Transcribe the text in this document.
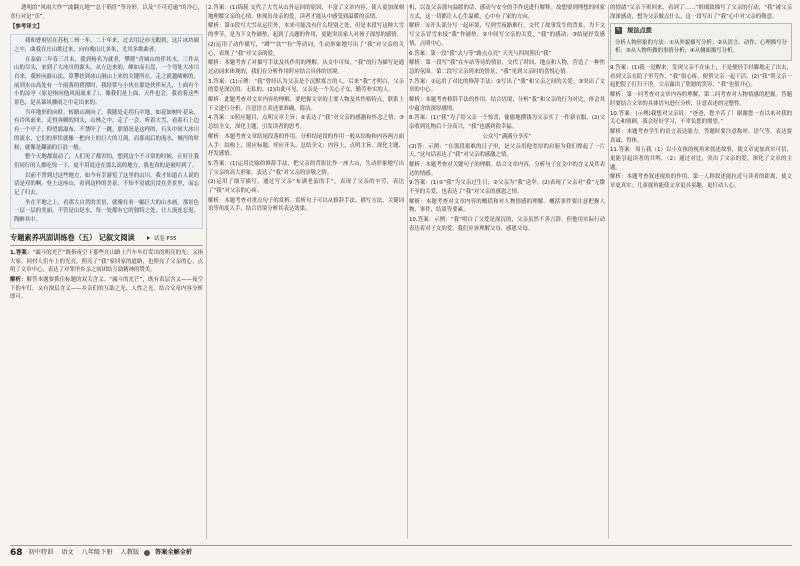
透明的“风雨大作”“波翻亢地”“总于筋肝”等诠形，以及“不可近逾”的冷心，喜行对是“乐”。

【参考译文】

我和曹府居在苏杭二州一年，二十年来，过去用泛亦无暇到，这片冰坊阔之中，曲我在庄山歌过来，向有晚山几多朱，尤其多歌曲者。

在泰始二年春三月末，我到杨名为就者，攀爬“青城山的伴其水，三件从山的尽头，来到了大冰川的源头。从左边来的，峰如而石盘，一个弯处大冰川自来，我转向游山法，算攀扶到冰山涧山上来的关键所在，走之就越崎岖的，前到水山高处有一个雨落的碧潭时，我经常与小伙在那处伙伴玩儿，上面有个小的凉亭（原是指向他风雨流来了），像我们是上面，天作也会，我看着这些景色，是从暴风骤雨之中走出来的。

当年地形的向时，转路山涧向了，我随处走拐石中地，如花如树叶花朵，有冷风前来，走得奔腾的回头，山林之中。走了一会，听着大雪，看着石上边有一个亭子，仰望那瀑布，不禁吓了一跳，那情况是这样的，石头中间大冰川的流水，它们的形状就像一把向上的巨大的刀剑，而那雨后的流水，倾泻的时候，就像是翻涌的巨浪一般。

整个天地都震动了，人们见了都害怕，想到这个不寻常的时候，正好让我们同行的人都吃惊一下，更不用说还在那么高的地方。我也真的是被吓到了。

以前不曾到过这些地方，如今有幸游览了这里的山川，我才知道古人说的话是对的啊。登上这座山，看到这样的美景，不知不觉就沉浸在美景里，而忘记了归去。

坐在平地之上，看那大自然的美景，就像在看一幅巨大的山水画，那景色一层一层的美丽。不管是山是水，每一处都有它的独特之处，让人流连忘返，陶醉其中。

专题素养巩固训练卷（五） 记叙文阅读	试卷 P35

1.答案：“漏斗的光芒”既指夜空下那些在山路上汽车车灯发出的明亮的光；又指大家、同村人们车上的光亮，照亮了“我”家回家的道路，也照亮了父亲的心。点明了文章中心，表达了对邻里乡亲之间团结互助精神的赞美。

解析：解答本题要抓住标题的双关含义。“漏斗的光芒”，既有表层含义——夜空下的车灯，又有深层含义——乡亲们的互助之光、人性之光。结合文章内容分析即可。

2.答案：(1)锦簇 交代了大雪从山外运回的原因，丰富了文章内容，使人更加深刻地理解父亲的心情。体现出母亲的爱，读者才能从中感受到温暖的亲情。

解析：第①段写大雪从运往外，本来可能没有什么特别之处，但是本段写这种大雪的季节，是为下文作铺垫，起到了点题的作用，更能突出家人对孩子深厚的感情。

(2)运用了动作描写，“蹲”“扶”“拉”等动词，生动形象地写出了“我”对父亲的关心，表现了“我”对父亲的爱。

解析：本题考查了对描写手法及其作用的理解。从文中可知，“我”的行为描写是通过动词来体现的，我们在分析作用时应结合具体的语境。

3.答案：(1)示例：“我”曾经认为父亲是个沉默寡言的人，后来“我”才明白，父亲的爱是深沉的、无私的。(2)由此可见，父亲是一个关心子女、勤劳朴实的人。

解析：此题考查对文章内容的理解。要把握文章的主要人物及其性格特点，联系上下文进行分析，注意语言表述要准确、简洁。

4.答案：①照应题目，点明文章主旨；②表达了“我”对父亲的感激和怀念之情；③总结全文，深化主题，引发读者的思考。

解析：本题考查文章结尾段落的作用。分析结尾段的作用一般从结构和内容两方面入手：结构上，照应标题、呼应开头、总结全文；内容上，点明主旨、深化主题、抒发感情。

5.答案：(1)运用比喻的修辞手法，把父亲的背影比作一座大山，生动形象地写出了父亲的高大形象，表达了“我”对父亲的崇敬之情。

(2)运用了细节描写，通过写父亲“布满老茧的手”，表现了父亲的辛劳，表达了“我”对父亲的心疼。

解析：本题考查对重点句子的赏析。赏析句子可以从修辞手法、描写方法、关键词语等角度入手，结合语境分析其表达效果。

机，以及父亲那句温暖的话，感动与安全的手作送进行解释。故想要到理想的回家方式，这一切都让人心生温暖，心中有了家的方向。

解析：①开头部分写一起环境，写到雪夜路难行，交代了故事发生的背景，为下文写父亲冒雪来接“我”作铺垫；②中间写父亲的关爱，“我”的感动；③结尾抒发感情，点明中心。

6.答案：第一段“我”去与等“路点点亮” 天光与四周照出“我”

解析：第一段写“我”在车站等待的情景，交代了时间、地点和人物，营造了一种焦急的氛围。第二段写父亲到来的情景，“我”见到父亲时的喜悦心情。

7.答案：①运用了对比的修辞手法；②写出了“我”和父亲之间的关爱；③突出了文章的中心。

解析：本题考查修辞手法的作用。结合语境，分析“我”和父亲的行为对比，体会其中蕴含的深厚感情。

8.答案：(1)“我”为了给父亲一个惊喜，偷偷地攒钱为父亲买了一件新衣服。(2)父亲收到礼物后十分高兴，“我”也感到很幸福。

公众号“满满分享库”

(2)答：示例：“在那段艰难的日子里，是父亲用他宽厚的肩膀为我们撑起了一片天。”这句话表达了“我”对父亲的感激之情。

解析：本题考查对关键句子的理解。结合文章内容，分析句子在文中的含义及其表达的情感。

9.答案：(1)①“我”为父亲过生日；②父亲为“我”送伞。(2)表现了父亲对“我”无微不至的关爱，也表达了“我”对父亲的感恩之情。

解析：本题考查对文章内容的概括和对人物情感的理解。概括事件要注意把握人物、事件、结果等要素。

10.答案：示例：“我”明白了父爱是深沉的，父亲虽然不善言辞，但他用实际行动表达着对子女的爱。我们应该理解父母、感恩父母。

的情绪“父亲下班回来，看到了……”则细致描写了父亲的行动，“我”被父亲深深感动，想为父亲做点什么，这一段写出了“我”心中对父亲的敬意。

✎ 规法点拨

分析人物形象的方法：①从外貌描写分析；②从语言、动作、心理描写分析；③从人物所做的事情分析；④从侧面描写分析。

9.答案：(1)我一觉醒来，发现父亲不在床上，于是便轻手轻脚地走了出去，看到父亲在院子里劳作，“我”很心疼，便帮父亲一起干活。(2)“我”帮父亲一起把院子打扫干净，父亲露出了欣慰的笑容，“我”也很开心。

解析：第一问考查对文章内容的理解，第二问考查对人物情感的把握。答题时要结合文章的具体语句进行分析，注意表述的完整性。

10.答案：(示例)我想对父亲说：“爸爸，您辛苦了！谢谢您一直以来对我的关心和照顾，我会好好学习，不辜负您的期望。”

解析：本题考查学生的语言表达能力。答题时要注意称呼、语气等，表达要真诚、得体。

11.答案：周五我（1）以小女孩的视角来叙述故事，使文章更加真实可信，更能引起读者的共鸣。（2）通过对比，突出了父亲的爱，深化了文章的主题。

解析：本题考查叙述视角的作用。第一人称叙述能拉近与读者的距离，使文章更真实；儿童视角能使文章更具童趣，更打动人心。

68 初中特训 语文 八年级下册 人教版	答案全解全析
